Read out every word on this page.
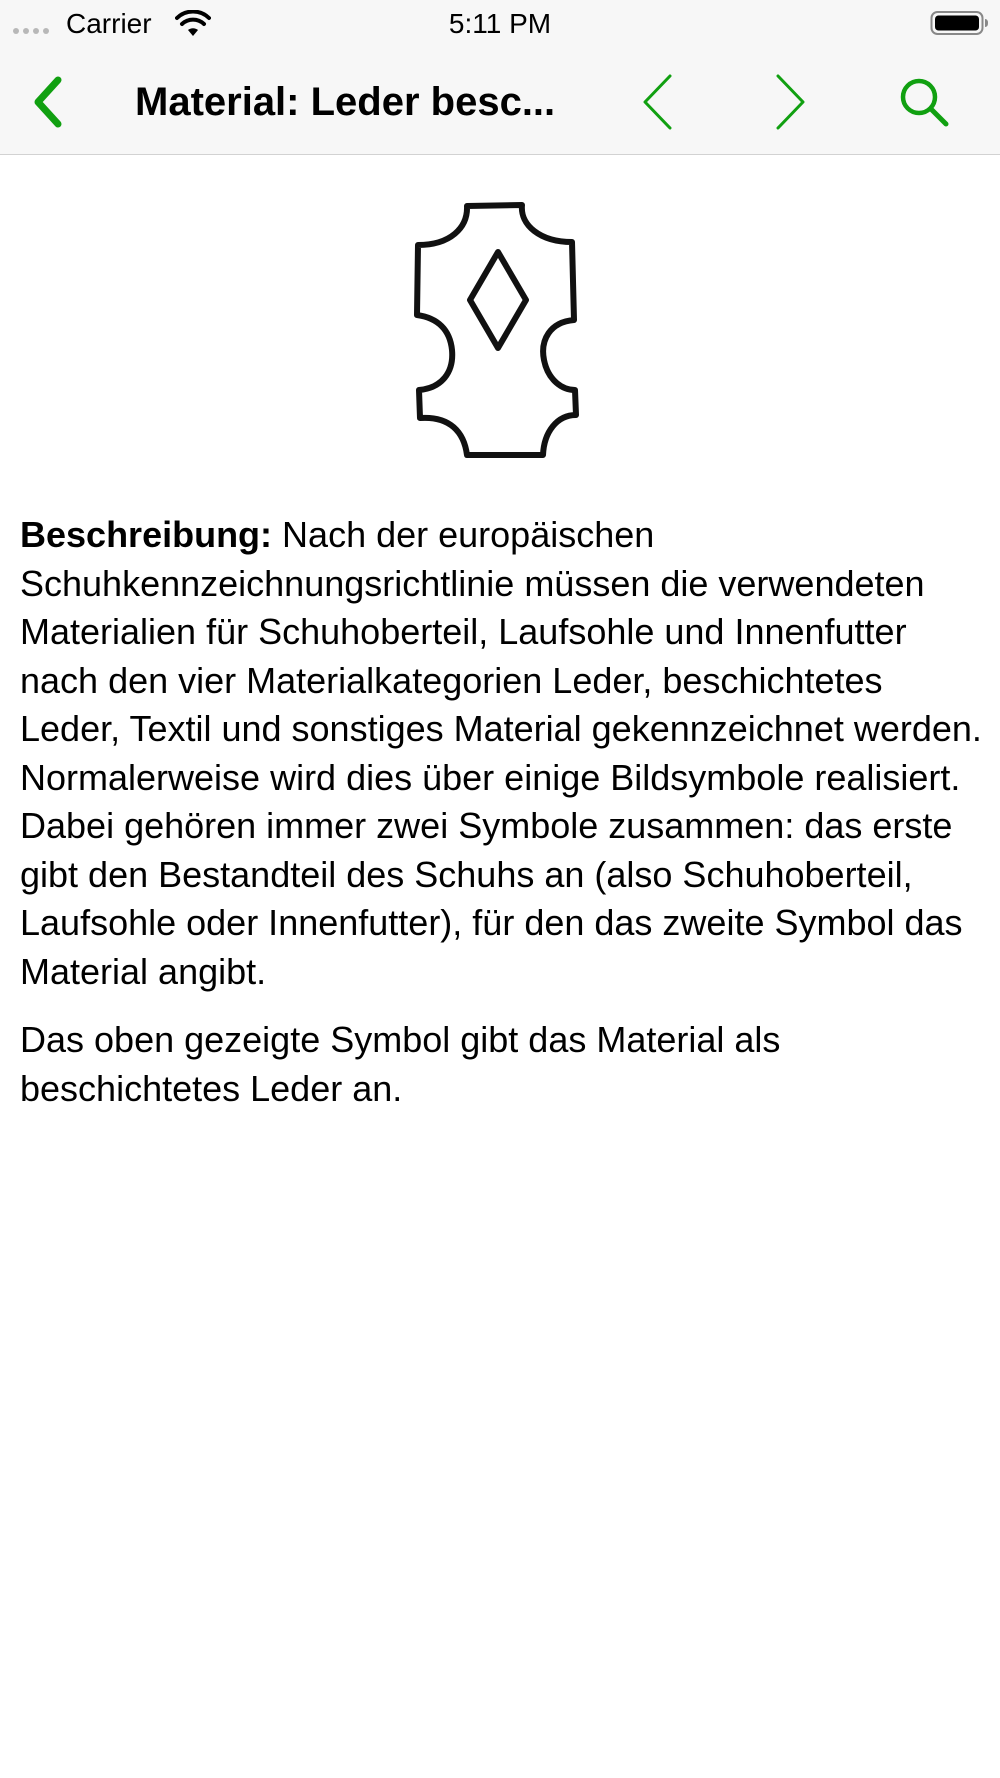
Carrier	5:11 PM
Material: Leder besc...

Beschreibung: Nach der europäischen Schuhkennzeichnungsrichtlinie müssen die verwendeten Materialien für Schuhoberteil, Laufsohle und Innenfutter nach den vier Materialkategorien Leder, beschichtetes Leder, Textil und sonstiges Material gekennzeichnet werden. Normalerweise wird dies über einige Bildsymbole realisiert. Dabei gehören immer zwei Symbole zusammen: das erste gibt den Bestandteil des Schuhs an (also Schuhoberteil, Laufsohle oder Innenfutter), für den das zweite Symbol das Material angibt.

Das oben gezeigte Symbol gibt das Material als beschichtetes Leder an.
